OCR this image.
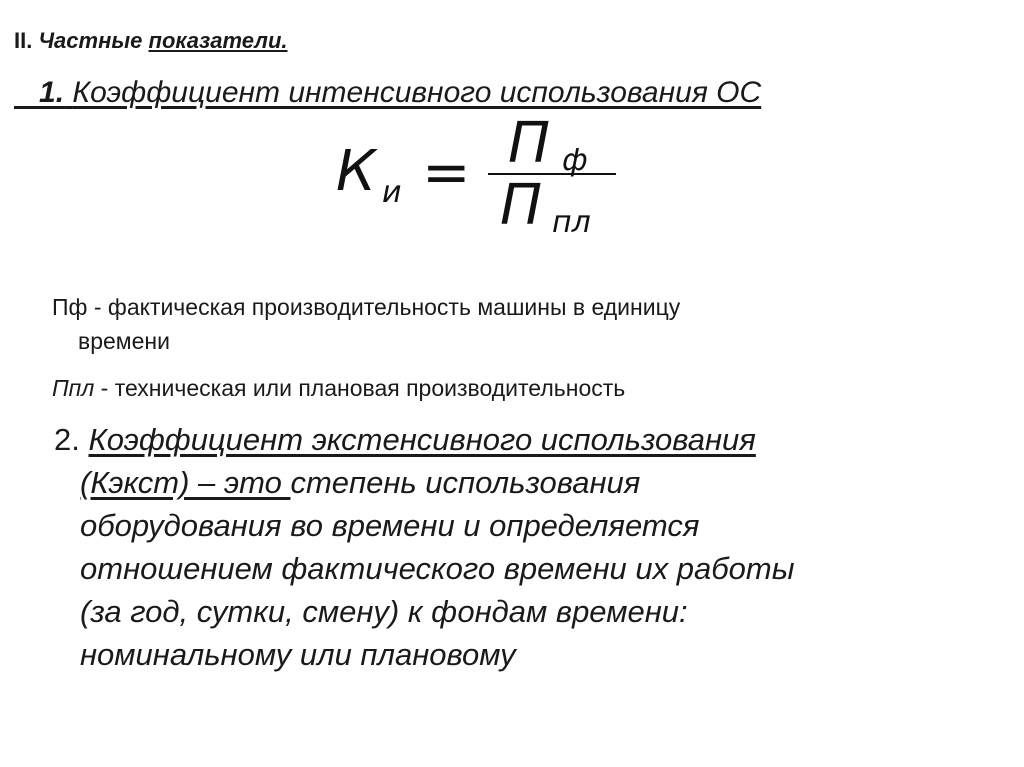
II. Частные показатели.
1. Коэффициент интенсивного использования ОС
К и = П ф
П пл
Пф - фактическая производительность машины в единицу
времени
Ппл - техническая или плановая производительность
2. Коэффициент экстенсивного использования
(Кэкст) – это степень использования
оборудования во времени и определяется
отношением фактического времени их работы
(за год, сутки, смену) к фондам времени:
номинальному или плановому
